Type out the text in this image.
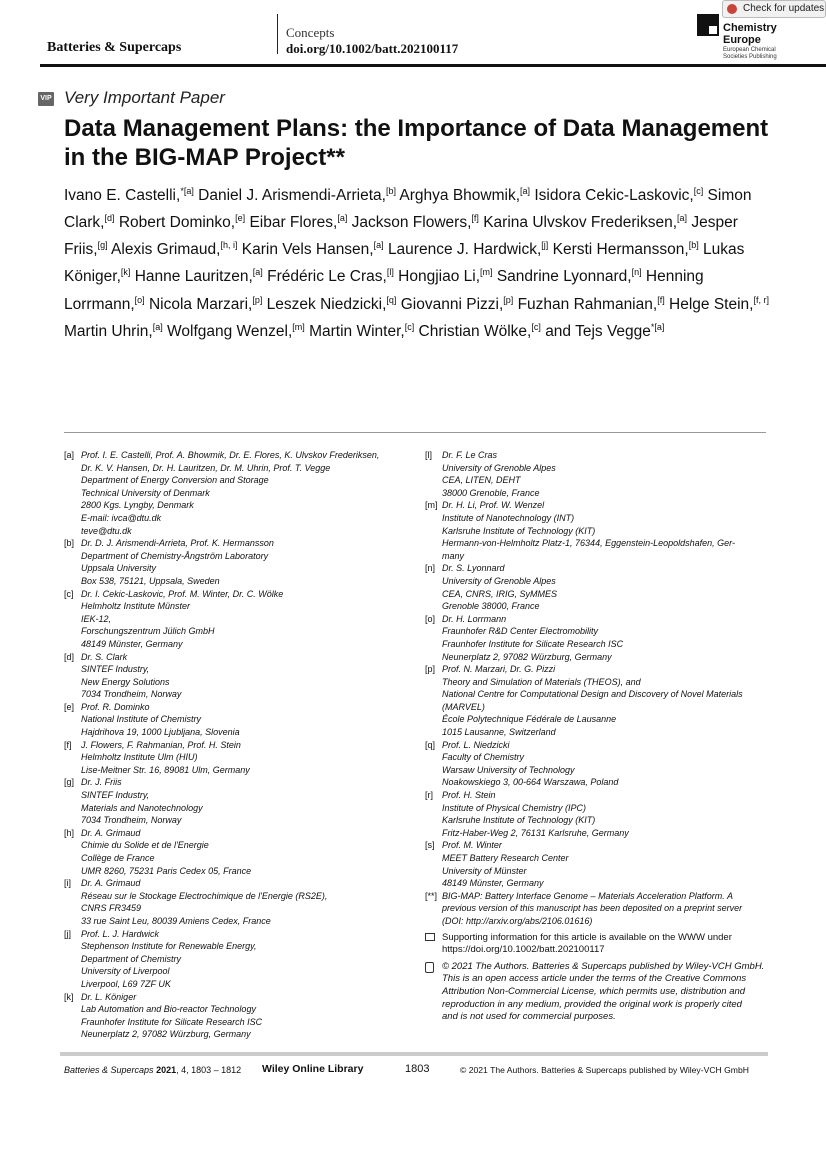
Batteries & Supercaps
Concepts
doi.org/10.1002/batt.202100117
Chemistry
Europe
European Chemical
Societies Publishing
Check for updates
VIP Very Important Paper
Data Management Plans: the Importance of Data Management in the BIG-MAP Project**
Ivano E. Castelli,$^{*[a]}$ Daniel J. Arismendi-Arrieta,[b] Arghya Bhowmik,[a] Isidora Cekic-Laskovic,[c] Simon Clark,[d] Robert Dominko,[e] Eibar Flores,[a] Jackson Flowers,[f] Karina Ulvskov Frederiksen,[a] Jesper Friis,[g] Alexis Grimaud,[h, i] Karin Vels Hansen,[a] Laurence J. Hardwick,[j] Kersti Hermansson,[b] Lukas Königer,[k] Hanne Lauritzen,[a] Frédéric Le Cras,[l] Hongjiao Li,[m] Sandrine Lyonnard,[n] Henning Lorrmann,[o] Nicola Marzari,[p] Leszek Niedzicki,[q] Giovanni Pizzi,[p] Fuzhan Rahmanian,[f] Helge Stein,[f, r] Martin Uhrin,[a] Wolfgang Wenzel,[m] Martin Winter,[c] Christian Wölke,[c] and Tejs Vegge$^{*[a]}$
[a] Prof. I. E. Castelli, Prof. A. Bhowmik, Dr. E. Flores, K. Ulvskov Frederiksen,
Dr. K. V. Hansen, Dr. H. Lauritzen, Dr. M. Uhrin, Prof. T. Vegge
Department of Energy Conversion and Storage
Technical University of Denmark
2800 Kgs. Lyngby, Denmark
E-mail: ivca@dtu.dk
teve@dtu.dk
[b] Dr. D. J. Arismendi-Arrieta, Prof. K. Hermansson
Department of Chemistry-Ångström Laboratory
Uppsala University
Box 538, 75121, Uppsala, Sweden
[c] Dr. I. Cekic-Laskovic, Prof. M. Winter, Dr. C. Wölke
Helmholtz Institute Münster
IEK-12,
Forschungszentrum Jülich GmbH
48149 Münster, Germany
[d] Dr. S. Clark
SINTEF Industry,
New Energy Solutions
7034 Trondheim, Norway
[e] Prof. R. Dominko
National Institute of Chemistry
Hajdrihova 19, 1000 Ljubljana, Slovenia
[f] J. Flowers, F. Rahmanian, Prof. H. Stein
Helmholtz Institute Ulm (HIU)
Lise-Meitner Str. 16, 89081 Ulm, Germany
[g] Dr. J. Friis
SINTEF Industry,
Materials and Nanotechnology
7034 Trondheim, Norway
[h] Dr. A. Grimaud
Chimie du Solide et de l'Energie
Collège de France
UMR 8260, 75231 Paris Cedex 05, France
[i] Dr. A. Grimaud
Réseau sur le Stockage Electrochimique de l'Energie (RS2E),
CNRS FR3459
33 rue Saint Leu, 80039 Amiens Cedex, France
[j] Prof. L. J. Hardwick
Stephenson Institute for Renewable Energy,
Department of Chemistry
University of Liverpool
Liverpool, L69 7ZF UK
[k] Dr. L. Königer
Lab Automation and Bio-reactor Technology
Fraunhofer Institute for Silicate Research ISC
Neunerplatz 2, 97082 Würzburg, Germany
[l] Dr. F. Le Cras
University of Grenoble Alpes
CEA, LITEN, DEHT
38000 Grenoble, France
[m] Dr. H. Li, Prof. W. Wenzel
Institute of Nanotechnology (INT)
Karlsruhe Institute of Technology (KIT)
Hermann-von-Helmholtz Platz-1, 76344, Eggenstein-Leopoldshafen, Ger-
many
[n] Dr. S. Lyonnard
University of Grenoble Alpes
CEA, CNRS, IRIG, SyMMES
Grenoble 38000, France
[o] Dr. H. Lorrmann
Fraunhofer R&D Center Electromobility
Fraunhofer Institute for Silicate Research ISC
Neunerplatz 2, 97082 Würzburg, Germany
[p] Prof. N. Marzari, Dr. G. Pizzi
Theory and Simulation of Materials (THEOS), and
National Centre for Computational Design and Discovery of Novel Materials
(MARVEL)
École Polytechnique Fédérale de Lausanne
1015 Lausanne, Switzerland
[q] Prof. L. Niedzicki
Faculty of Chemistry
Warsaw University of Technology
Noakowskiego 3, 00-664 Warszawa, Poland
[r] Prof. H. Stein
Institute of Physical Chemistry (IPC)
Karlsruhe Institute of Technology (KIT)
Fritz-Haber-Weg 2, 76131 Karlsruhe, Germany
[s] Prof. M. Winter
MEET Battery Research Center
University of Münster
48149 Münster, Germany
[**] BIG-MAP: Battery Interface Genome – Materials Acceleration Platform. A
previous version of this manuscript has been deposited on a preprint server
(DOI: http://arxiv.org/abs/2106.01616)
Supporting information for this article is available on the WWW under
https://doi.org/10.1002/batt.202100117
© 2021 The Authors. Batteries & Supercaps published by Wiley-VCH GmbH.
This is an open access article under the terms of the Creative Commons
Attribution Non-Commercial License, which permits use, distribution and
reproduction in any medium, provided the original work is properly cited
and is not used for commercial purposes.
Batteries & Supercaps 2021, 4, 1803 – 1812 Wiley Online Library	1803	© 2021 The Authors. Batteries & Supercaps published by Wiley-VCH GmbH
